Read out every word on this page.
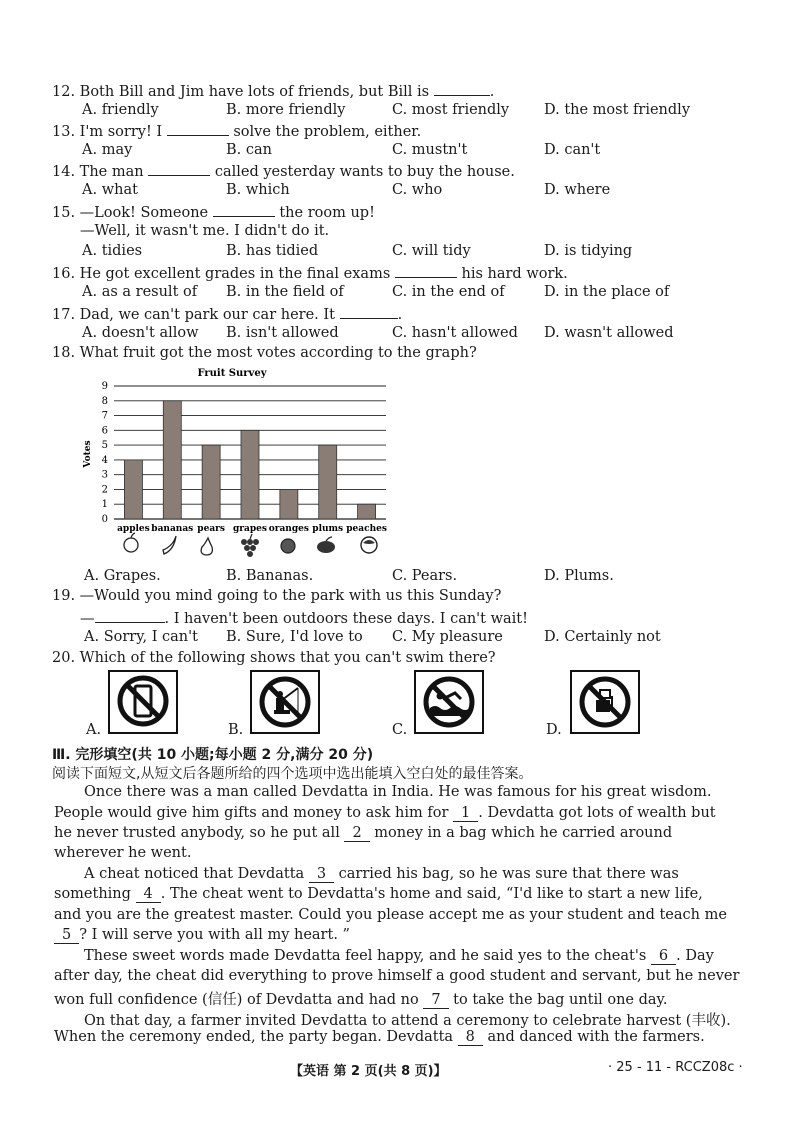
12. Both Bill and Jim have lots of friends, but Bill is	.
A. friendly	B. more friendly	C. most friendly D. the most friendly
13. I'm sorry! I	solve the problem, either.
A. may	B. can	C. mustn't	D. can't
14. The man	called yesterday wants to buy the house.
A. what	B. which	C. who	D. where
15. —Look! Someone	the room up!
—Well, it wasn't me. I didn't do it.
A. tidies	B. has tidied	C. will tidy	D. is tidying
16. He got excellent grades in the final exams	his hard work.
A. as a result of B. in the field of	C. in the end of	D. in the place of
17. Dad, we can't park our car here. It	.
A. doesn't allow B. isn't allowed	C. hasn't allowed D. wasn't allowed
18. What fruit got the most votes according to the graph?
Fruit Survey
Votes
0
1
2
3
4
5
6
7
8
9
apples bananas pears grapes oranges plums peaches
A. Grapes.	B. Bananas.	C. Pears.	D. Plums.
19. —Would you mind going to the park with us this Sunday?
—	. I haven't been outdoors these days. I can't wait!
A. Sorry, I can't B. Sure, I'd love to C. My pleasure	D. Certainly not
20. Which of the following shows that you can't swim there?
A.	B.	C.	D.
Ⅲ. 完形填空(共 10 小题;每小题 2 分,满分 20 分)
阅读下面短文,从短文后各题所给的四个选项中选出能填入空白处的最佳答案。
Once there was a man called Devdatta in India. He was famous for his great wisdom.
People would give him gifts and money to ask him for 1 . Devdatta got lots of wealth but
he never trusted anybody, so he put all 2 money in a bag which he carried around
wherever he went.
A cheat noticed that Devdatta 3 carried his bag, so he was sure that there was
something 4 . The cheat went to Devdatta's home and said, “I'd like to start a new life,
and you are the greatest master. Could you please accept me as your student and teach me
5 ? I will serve you with all my heart. ”
These sweet words made Devdatta feel happy, and he said yes to the cheat's 6 . Day
after day, the cheat did everything to prove himself a good student and servant, but he never
won full confidence (信任) of Devdatta and had no 7 to take the bag until one day.
On that day, a farmer invited Devdatta to attend a ceremony to celebrate harvest (丰收).
When the ceremony ended, the party began. Devdatta 8 and danced with the farmers.
【英语 第 2 页(共 8 页)】	· 25 - 11 - RCCZ08c ·
